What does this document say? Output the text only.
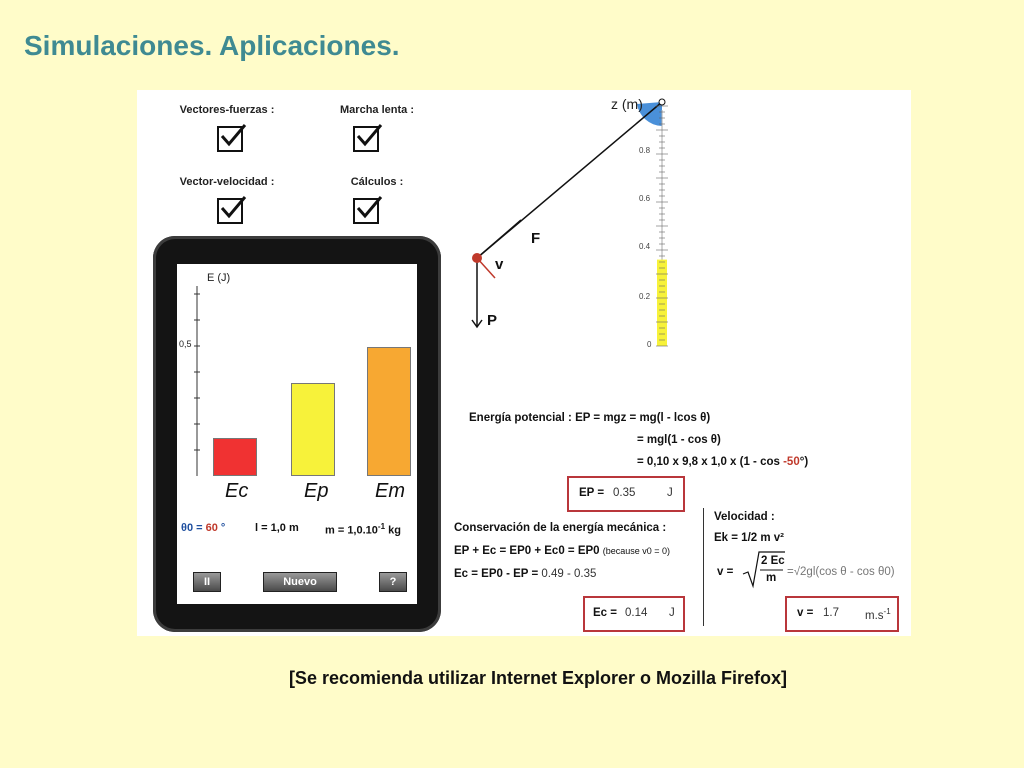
Simulaciones. Aplicaciones.
Vectores-fuerzas :	Marcha lenta :
Vector-velocidad :	Cálculos :
E (J)
Ec	Ep Em
θ0 = 60 °	l = 1,0 m $m = 1,0.10^{-1}$ kg
II	Nuevo	?
0,5
z (m)
0.8
0.6
0.4
0.2
0
F
v
P
Energía potencial : EP = mgz = mg(l - lcos θ)
= mgl(1 - cos θ)
= 0,10 x 9,8 x 1,0 x (1 - cos -50°)
EP = 0.35	J
Conservación de la energía mecánica :
EP + Ec = EP0 + Ec0 = EP0 (because v0 = 0)
Ec = EP0 - EP = 0.49 - 0.35
Ec = 0.14 J
Velocidad :
Ek = 1/2 m v²
v =
2 Ec
m =√2gl(cos θ - cos θ0)
v = 1.7 $m.s^{-1}$
[Se recomienda utilizar Internet Explorer o Mozilla Firefox]
